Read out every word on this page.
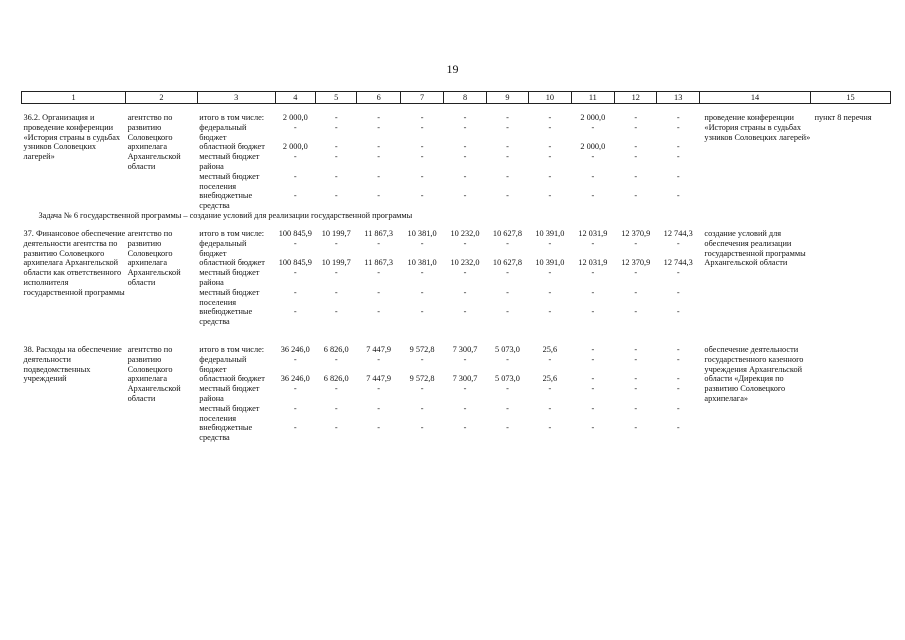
19
1	2	3	4	5	6	7	8	9	10	11	12	13	14	15

36.2. Организация и проведение конференции «История страны в судьбах узников Соловецких лагерей»	агентство по развитию Соловецкого архипелага Архангельской области	итого в том числе:	2 000,0	-	-	-	-	-	-	2 000,0	-	-	проведение конференции «История страны в судьбах узников Соловецких лагерей»	пункт 8 перечня
		федеральный бюджет	-	-	-	-	-	-	-	-	-	-		
		областной бюджет	2 000,0	-	-	-	-	-	-	2 000,0	-	-		
		местный бюджет района	-	-	-	-	-	-	-	-	-	-		
		местный бюджет поселения	-	-	-	-	-	-	-	-	-	-		
		внебюджетные средства	-	-	-	-	-	-	-	-	-	-		
Задача № 6 государственной программы – создание условий для реализации государственной программы														
37. Финансовое обеспечение деятельности агентства по развитию Соловецкого архипелага Архангельской области как ответственного исполнителя государственной программы	агентство по развитию Соловецкого архипелага Архангельской области	итого в том числе:	100 845,9	10 199,7	11 867,3	10 381,0	10 232,0	10 627,8	10 391,0	12 031,9	12 370,9	12 744,3	создание условий для обеспечения реализации государственной программы Архангельской области	
		федеральный бюджет	-	-	-	-	-	-	-	-	-	-		
		областной бюджет	100 845,9	10 199,7	11 867,3	10 381,0	10 232,0	10 627,8	10 391,0	12 031,9	12 370,9	12 744,3		
		местный бюджет района	-	-	-	-	-	-	-	-	-	-		
		местный бюджет поселения	-	-	-	-	-	-	-	-	-	-		
		внебюджетные средства	-	-	-	-	-	-	-	-	-	-		

38. Расходы на обеспечение деятельности подведомственных учреждений	агентство по развитию Соловецкого архипелага Архангельской области	итого в том числе:	36 246,0	6 826,0	7 447,9	9 572,8	7 300,7	5 073,0	25,6	-	-	-	обеспечение деятельности государственного казенного учреждения Архангельской области «Дирекция по развитию Соловецкого архипелага»	
		федеральный бюджет	-	-	-	-	-	-	-	-	-	-		
		областной бюджет	36 246,0	6 826,0	7 447,9	9 572,8	7 300,7	5 073,0	25,6	-	-	-		
		местный бюджет района	-	-	-	-	-	-	-	-	-	-		
		местный бюджет поселения	-	-	-	-	-	-	-	-	-	-		
		внебюджетные средства	-	-	-	-	-	-	-	-	-	-		
